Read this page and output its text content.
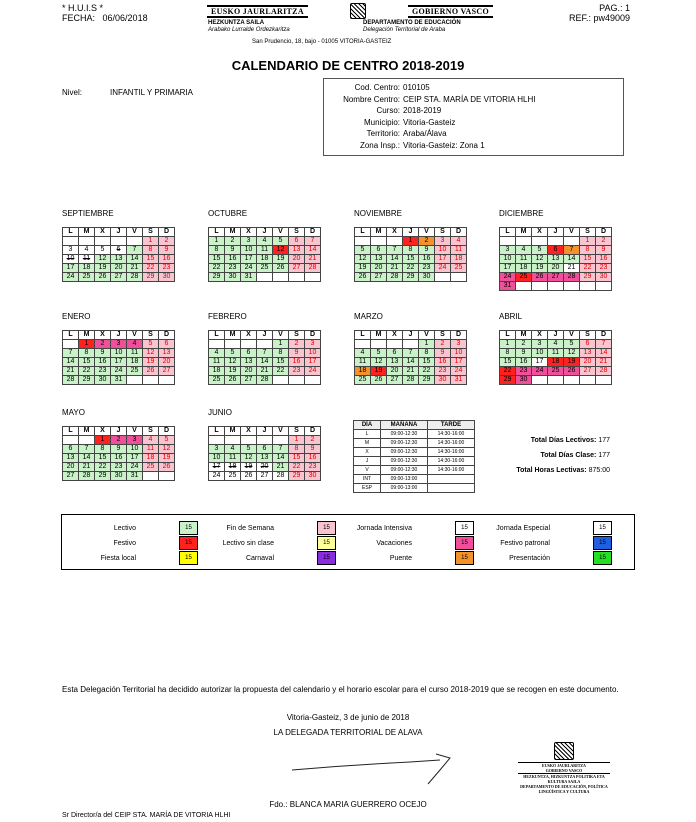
* H.U.I.S *
FECHA: 06/06/2018
PAG.: 1
REF.: pw49009
EUSKO JAURLARITZA	GOBIERNO VASCO
HEZKUNTZA SAILA
Arabako Lurralde Ordezkaritza
DEPARTAMENTO DE EDUCACIÓN
Delegación Territorial de Araba
San Prudencio, 18, bajo - 01005 VITORIA-GASTEIZ
CALENDARIO DE CENTRO 2018-2019
Nivel:	INFANTIL Y PRIMARIA
Cod. Centro: 010105
Nombre Centro: CEIP STA. MARÍA DE VITORIA HLHI
Curso: 2018-2019
Municipio: Vitoria-Gasteiz
Territorio: Araba/Álava
Zona Insp.: Vitoria-Gasteiz: Zona 1
SEPTIEMBRE
L	M	X	J	V	S	D
					1	2
3	4	5	6	7	8	9
10	11	12	13	14	15	16
17	18	19	20	21	22	23
24	25	26	27	28	29	30
OCTUBRE
L	M	X	J	V	S	D
1	2	3	4	5	6	7
8	9	10	11	12	13	14
15	16	17	18	19	20	21
22	23	24	25	26	27	28
29	30	31				
NOVIEMBRE
L	M	X	J	V	S	D
			1	2	3	4
5	6	7	8	9	10	11
12	13	14	15	16	17	18
19	20	21	22	23	24	25
26	27	28	29	30		
DICIEMBRE
L	M	X	J	V	S	D
					1	2
3	4	5	6	7	8	9
10	11	12	13	14	15	16
17	18	19	20	21	22	23
24	25	26	27	28	29	30
31						
ENERO
L	M	X	J	V	S	D
	1	2	3	4	5	6
7	8	9	10	11	12	13
14	15	16	17	18	19	20
21	22	23	24	25	26	27
28	29	30	31			
FEBRERO
L	M	X	J	V	S	D
				1	2	3
4	5	6	7	8	9	10
11	12	13	14	15	16	17
18	19	20	21	22	23	24
25	26	27	28			
MARZO
L	M	X	J	V	S	D
				1	2	3
4	5	6	7	8	9	10
11	12	13	14	15	16	17
18	19	20	21	22	23	24
25	26	27	28	29	30	31
ABRIL
L	M	X	J	V	S	D
1	2	3	4	5	6	7
8	9	10	11	12	13	14
15	16	17	18	19	20	21
22	23	24	25	26	27	28
29	30					
MAYO
L	M	X	J	V	S	D
		1	2	3	4	5
6	7	8	9	10	11	12
13	14	15	16	17	18	19
20	21	22	23	24	25	26
27	28	29	30	31		
JUNIO
L	M	X	J	V	S	D
					1	2
3	4	5	6	7	8	9
10	11	12	13	14	15	16
17	18	19	20	21	22	23
24	25	26	27	28	29	30
DÍA	MAÑANA	TARDE
L	09:00-12:30	14:30-16:00
M	09:00-12:30	14:30-16:00
X	09:00-12:30	14:30-16:00
J	09:00-12:30	14:30-16:00
V	09:00-12:30	14:30-16:00
INT	09:00-13:00	
ESP	09:00-13:00	
Total Días Lectivos: 177
Total Días Clase: 177
Total Horas Lectivas: 875:00
Lectivo	15	Fin de Semana	15	Jornada Intensiva	15	Jornada Especial	15
Festivo	15	Lectivo sin clase	15	Vacaciones	15	Festivo patronal	15
Fiesta local	15	Carnaval	15	Puente	15	Presentación	15
Esta Delegación Territorial ha decidido autorizar la propuesta del calendario y el horario escolar para el curso 2018-2019 que se recogen en este documento.
Vitoria-Gasteiz, 3 de junio de 2018
LA DELEGADA TERRITORIAL DE ALAVA
EUSKO JAURLARITZA
GOBIERNO VASCO
HEZKUNTZA, HIZKUNTZA POLITIKA ETA KULTURA SAILA
DEPARTAMENTO DE EDUCACIÓN, POLÍTICA LINGÜÍSTICA Y CULTURA
Fdo.: BLANCA MARIA GUERRERO OCEJO
Sr Director/a del CEIP STA. MARÍA DE VITORIA HLHI
